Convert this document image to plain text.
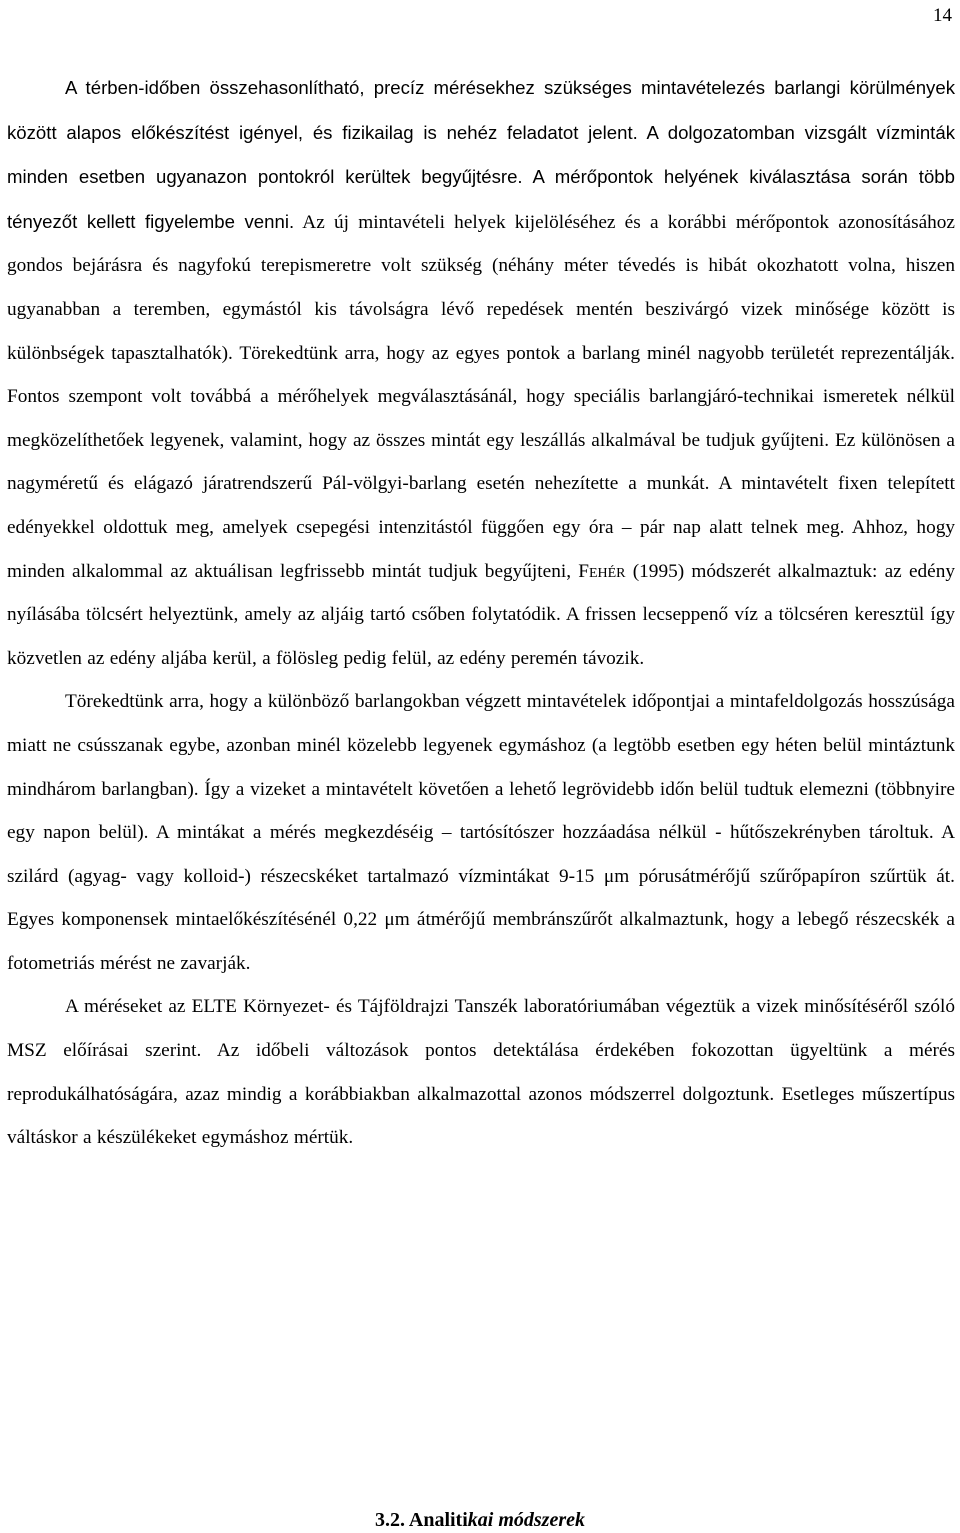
14

A térben-időben összehasonlítható, precíz mérésekhez szükséges mintavételezés barlangi körülmények között alapos előkészítést igényel, és fizikailag is nehéz feladatot jelent. A dolgozatomban vizsgált vízminták minden esetben ugyanazon pontokról kerültek begyűjtésre. A mérőpontok helyének kiválasztása során több tényezőt kellett figyelembe venni. Az új mintavételi helyek kijelöléséhez és a korábbi mérőpontok azonosításához gondos bejárásra és nagyfokú terepismeretre volt szükség (néhány méter tévedés is hibát okozhatott volna, hiszen ugyanabban a teremben, egymástól kis távolságra lévő repedések mentén beszivárgó vizek minősége között is különbségek tapasztalhatók). Törekedtünk arra, hogy az egyes pontok a barlang minél nagyobb területét reprezentálják. Fontos szempont volt továbbá a mérőhelyek megválasztásánál, hogy speciális barlangjáró-technikai ismeretek nélkül megközelíthetőek legyenek, valamint, hogy az összes mintát egy leszállás alkalmával be tudjuk gyűjteni. Ez különösen a nagyméretű és elágazó járatrendszerű Pál-völgyi-barlang esetén nehezítette a munkát. A mintavételt fixen telepített edényekkel oldottuk meg, amelyek csepegési intenzitástól függően egy óra – pár nap alatt telnek meg. Ahhoz, hogy minden alkalommal az aktuálisan legfrissebb mintát tudjuk begyűjteni, Fehér (1995) módszerét alkalmaztuk: az edény nyílásába tölcsért helyeztünk, amely az aljáig tartó csőben folytatódik. A frissen lecseppenő víz a tölcséren keresztül így közvetlen az edény aljába kerül, a fölösleg pedig felül, az edény peremén távozik.

Törekedtünk arra, hogy a különböző barlangokban végzett mintavételek időpontjai a mintafeldolgozás hosszúsága miatt ne csússzanak egybe, azonban minél közelebb legyenek egymáshoz (a legtöbb esetben egy héten belül mintáztunk mindhárom barlangban). Így a vizeket a mintavételt követően a lehető legrövidebb időn belül tudtuk elemezni (többnyire egy napon belül). A mintákat a mérés megkezdéséig – tartósítószer hozzáadása nélkül - hűtőszekrényben tároltuk. A szilárd (agyag- vagy kolloid-) részecskéket tartalmazó vízmintákat 9-15 μm pórusátmérőjű szűrőpapíron szűrtük át. Egyes komponensek mintaelőkészítésénél 0,22 μm átmérőjű membránszűrőt alkalmaztunk, hogy a lebegő részecskék a fotometriás mérést ne zavarják.

A méréseket az ELTE Környezet- és Tájföldrajzi Tanszék laboratóriumában végeztük a vizek minősítéséről szóló MSZ előírásai szerint. Az időbeli változások pontos detektálása érdekében fokozottan ügyeltünk a mérés reprodukálhatóságára, azaz mindig a korábbiakban alkalmazottal azonos módszerrel dolgoztunk. Esetleges műszertípus váltáskor a készülékeket egymáshoz mértük.

3.2. Analitikai módszerek
